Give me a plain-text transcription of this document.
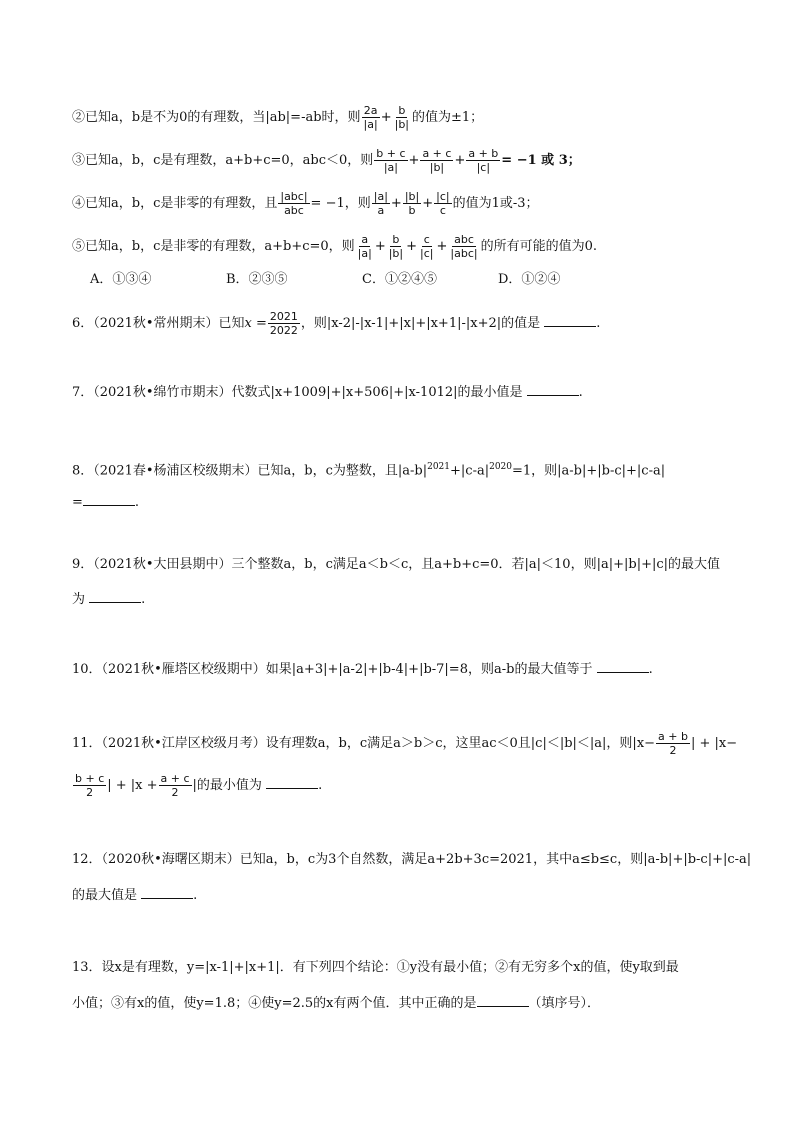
②已知a，b是不为0的有理数，当|ab|=-ab时，则 $\frac{2a}{|a|} + \frac{b}{|b|}$ 的值为±1；
③已知a，b，c是有理数，a+b+c=0，abc＜0，则 $\frac{b + c}{|a|} + \frac{a + c}{|b|} + \frac{a + b}{|c|} = -1$ 或 3；
④已知a，b，c是非零的有理数，且 $\frac{\text{|abc|}}{\text{abc}} = -1$，则 $\frac{|a|}{a} + \frac{|b|}{b} + \frac{|c|}{c}$ 的值为1或-3；
⑤已知a，b，c是非零的有理数，a+b+c=0，则 $\frac{a}{|a|} + \frac{b}{|b|} + \frac{c}{|c|} + \frac{\text{abc}}{\text{|abc|}}$ 的所有可能的值为0.
A．①③④	B．②③⑤	C．①②④⑤	D．①②④
6．（2021秋•常州期末）已知$x = \frac{2021}{2022}$ ，则|x-2|-|x-1|+|x|+|x+1|-|x+2|的值是	.
7．（2021秋•绵竹市期末）代数式|x+1009|+|x+506|+|x-1012|的最小值是	.
8．（2021春•杨浦区校级期末）已知a，b，c为整数，且$|a-b|^{2021}+|c-a|^{2020}=1$，则|a-b|+|b-c|+|c-a|
=	.
9．（2021秋•大田县期中）三个整数a，b，c满足a＜b＜c，且a+b+c=0．若|a|＜10，则|a|+|b|+|c|的最大值
为	.
10．（2021秋•雁塔区校级期中）如果|a+3|+|a-2|+|b-4|+|b-7|=8，则a-b的最大值等于	.
11．（2021秋•江岸区校级月考）设有理数a，b，c满足a＞b＞c，这里ac＜0且|c|＜|b|＜|a|，则$|x- \frac{a + b}{2}$ | + |x−
$\frac{b + c}{2}$ | + $|x + \frac{a + c}{2}$ |的最小值为	.
12．（2020秋•海曙区期末）已知a，b，c为3个自然数，满足a+2b+3c=2021，其中a≤b≤c，则|a-b|+|b-c|+|c-a|
的最大值是	.
13．设x是有理数，y=|x-1|+|x+1|．有下列四个结论：①y没有最小值；②有无穷多个x的值，使y取到最
小值；③有x的值，使y=1.8；④使y=2.5的x有两个值．其中正确的是	（填序号）．
